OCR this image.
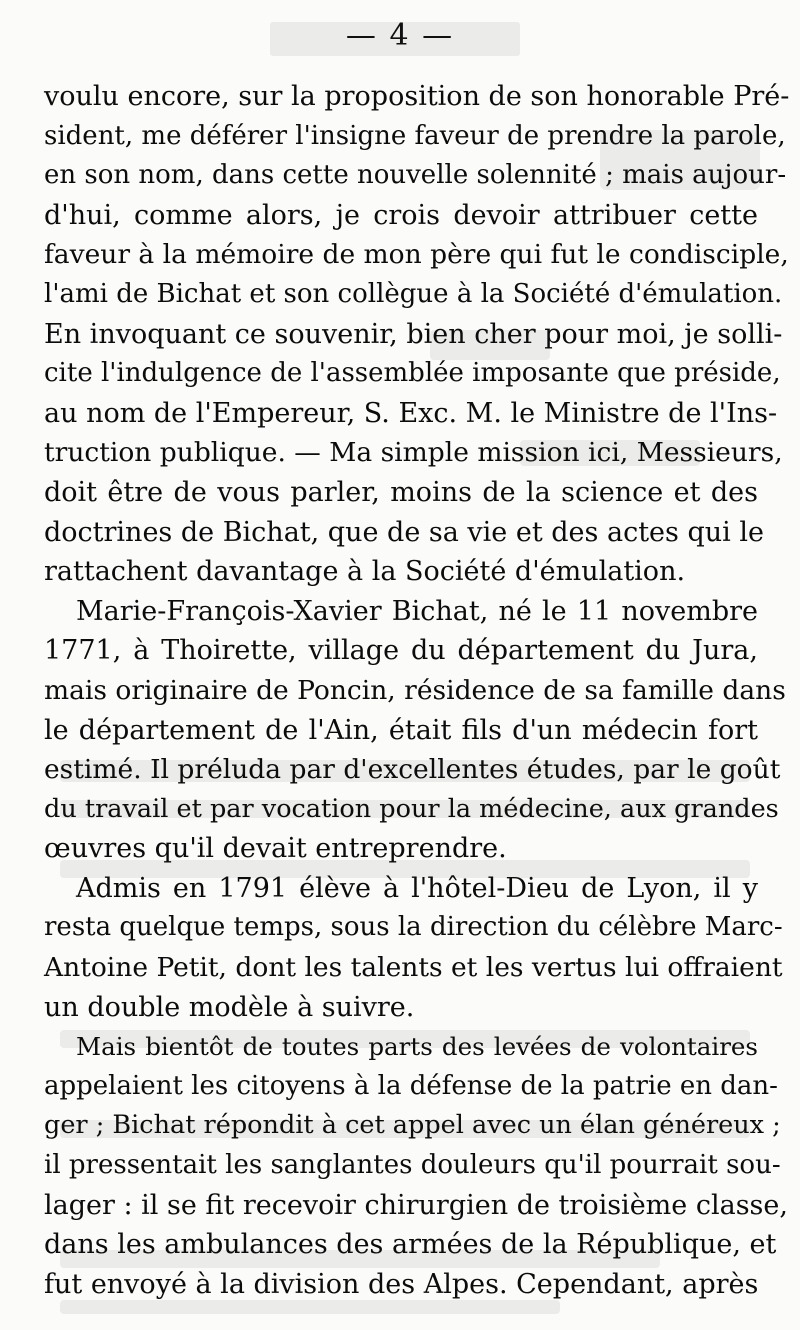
— 4 —
voulu encore, sur la proposition de son honorable Pré-
sident, me déférer l'insigne faveur de prendre la parole,
en son nom, dans cette nouvelle solennité ; mais aujour-
d'hui, comme alors, je crois devoir attribuer cette
faveur à la mémoire de mon père qui fut le condisciple,
l'ami de Bichat et son collègue à la Société d'émulation.
En invoquant ce souvenir, bien cher pour moi, je solli-
cite l'indulgence de l'assemblée imposante que préside,
au nom de l'Empereur, S. Exc. M. le Ministre de l'Ins-
truction publique. — Ma simple mission ici, Messieurs,
doit être de vous parler, moins de la science et des
doctrines de Bichat, que de sa vie et des actes qui le
rattachent davantage à la Société d'émulation.
Marie-François-Xavier Bichat, né le 11 novembre
1771, à Thoirette, village du département du Jura,
mais originaire de Poncin, résidence de sa famille dans
le département de l'Ain, était fils d'un médecin fort
estimé. Il préluda par d'excellentes études, par le goût
du travail et par vocation pour la médecine, aux grandes
œuvres qu'il devait entreprendre.
Admis en 1791 élève à l'hôtel-Dieu de Lyon, il y
resta quelque temps, sous la direction du célèbre Marc-
Antoine Petit, dont les talents et les vertus lui offraient
un double modèle à suivre.
Mais bientôt de toutes parts des levées de volontaires
appelaient les citoyens à la défense de la patrie en dan-
ger ; Bichat répondit à cet appel avec un élan généreux ;
il pressentait les sanglantes douleurs qu'il pourrait sou-
lager : il se fit recevoir chirurgien de troisième classe,
dans les ambulances des armées de la République, et
fut envoyé à la division des Alpes. Cependant, après
